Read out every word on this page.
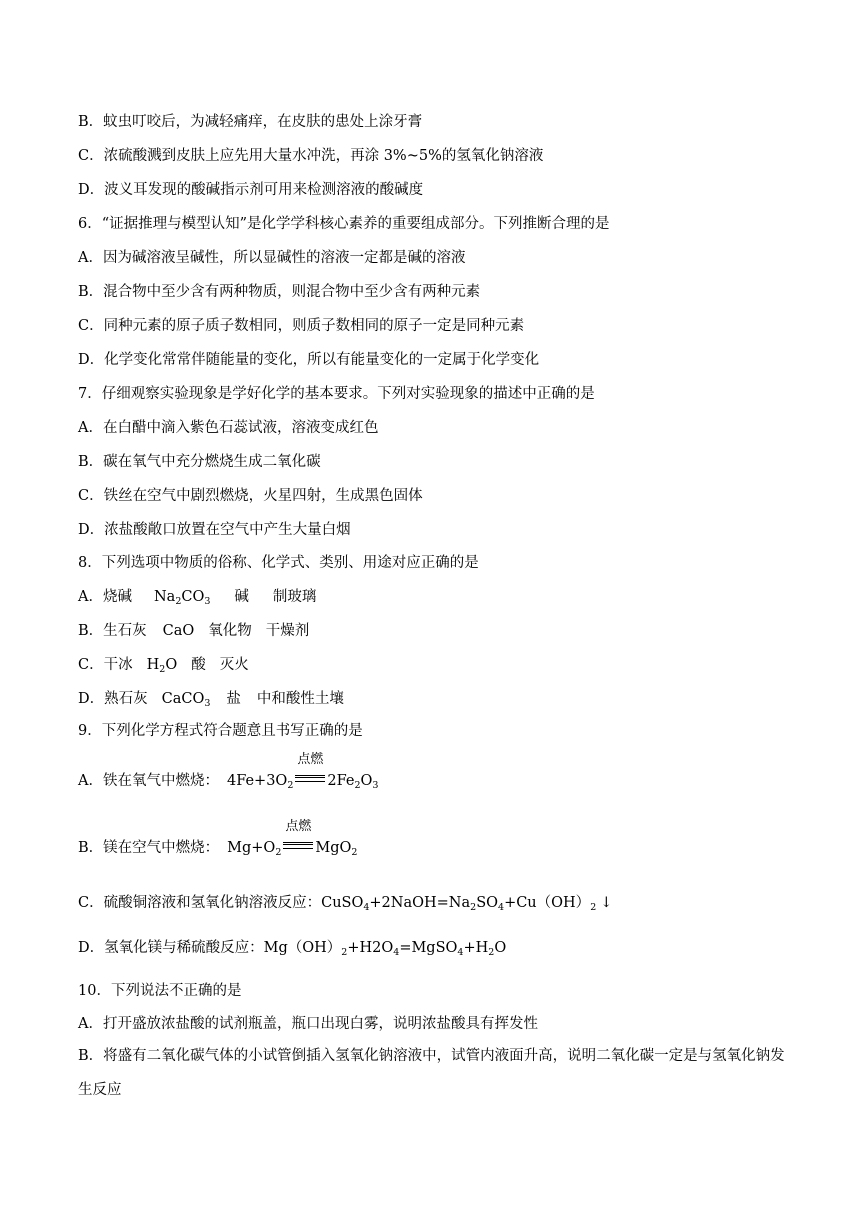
B．蚊虫叮咬后，为减轻痛痒，在皮肤的患处上涂牙膏
C．浓硫酸溅到皮肤上应先用大量水冲洗，再涂 3%~5%的氢氧化钠溶液
D．波义耳发现的酸碱指示剂可用来检测溶液的酸碱度
6．“证据推理与模型认知”是化学学科核心素养的重要组成部分。下列推断合理的是
A．因为碱溶液呈碱性，所以显碱性的溶液一定都是碱的溶液
B．混合物中至少含有两种物质，则混合物中至少含有两种元素
C．同种元素的原子质子数相同，则质子数相同的原子一定是同种元素
D．化学变化常常伴随能量的变化，所以有能量变化的一定属于化学变化
7．仔细观察实验现象是学好化学的基本要求。下列对实验现象的描述中正确的是
A．在白醋中滴入紫色石蕊试液，溶液变成红色
B．碳在氧气中充分燃烧生成二氧化碳
C．铁丝在空气中剧烈燃烧，火星四射，生成黑色固体
D．浓盐酸敞口放置在空气中产生大量白烟
8．下列选项中物质的俗称、化学式、类别、用途对应正确的是
A．烧碱 $Na_2CO_3$ 碱 制玻璃
B．生石灰 CaO 氧化物 干燥剂
C．干冰 $H_2O$ 酸 灭火
D．熟石灰 CaCO$_3$ 盐 中和酸性土壤
9．下列化学方程式符合题意且书写正确的是
A．铁在氧气中燃烧： $4Fe+3O_2$
点燃
$2Fe_2O_3$
B．镁在空气中燃烧： $Mg+O_2$
点燃
MgO$_2$
C．硫酸铜溶液和氢氧化钠溶液反应：$CuSO_4+2NaOH=Na_2SO_4+Cu(OH)_2$ ↓
D．氢氧化镁与稀硫酸反应：$Mg(OH)_2+H2O_4=MgSO_4+H_2O$
10．下列说法不正确的是
A．打开盛放浓盐酸的试剂瓶盖，瓶口出现白雾，说明浓盐酸具有挥发性
B．将盛有二氧化碳气体的小试管倒插入氢氧化钠溶液中，试管内液面升高，说明二氧化碳一定是与氢氧化钠发生反应
